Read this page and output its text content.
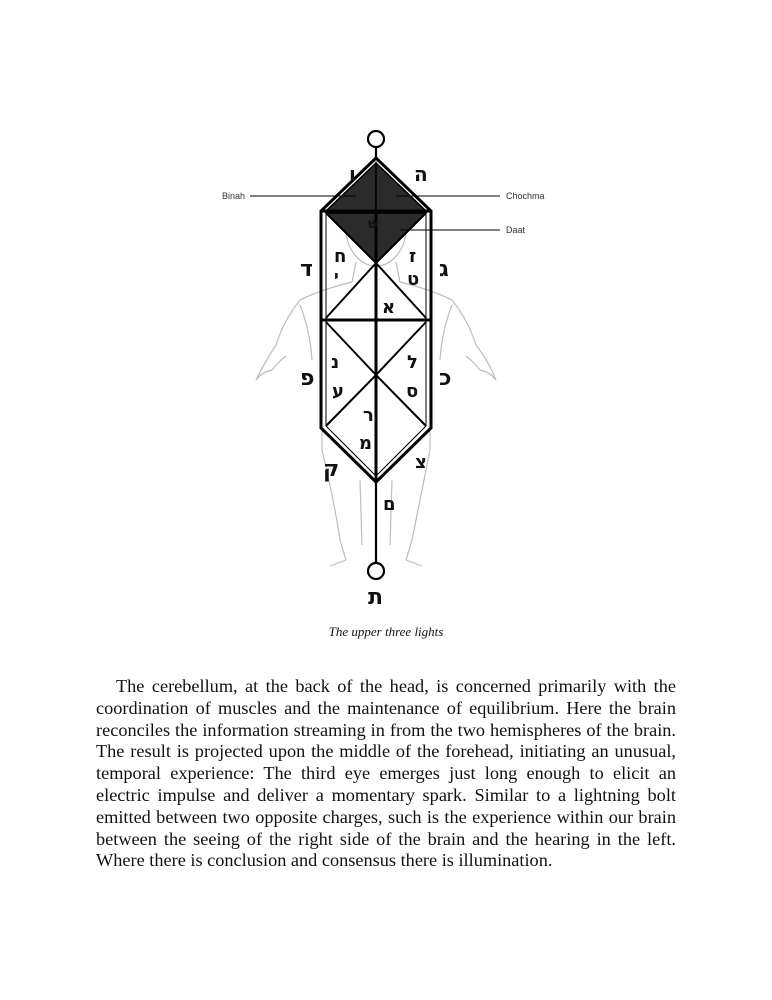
Binah	Chochma
Daat
ו	ה
ש
ח
י
ז
ט
ד	ג
א
נ
ע
ל
ס
פ	כ
ר
מ
ק	צ
ם
ת
The upper three lights

The cerebellum, at the back of the head, is concerned primarily with the coordination of muscles and the maintenance of equilibrium. Here the brain reconciles the information streaming in from the two hemispheres of the brain. The result is projected upon the middle of the forehead, initiating an unusual, temporal experience: The third eye emerges just long enough to elicit an electric impulse and deliver a momentary spark. Similar to a lightning bolt emitted between two opposite charges, such is the experience within our brain between the seeing of the right side of the brain and the hearing in the left. Where there is conclusion and consensus there is illumination.
